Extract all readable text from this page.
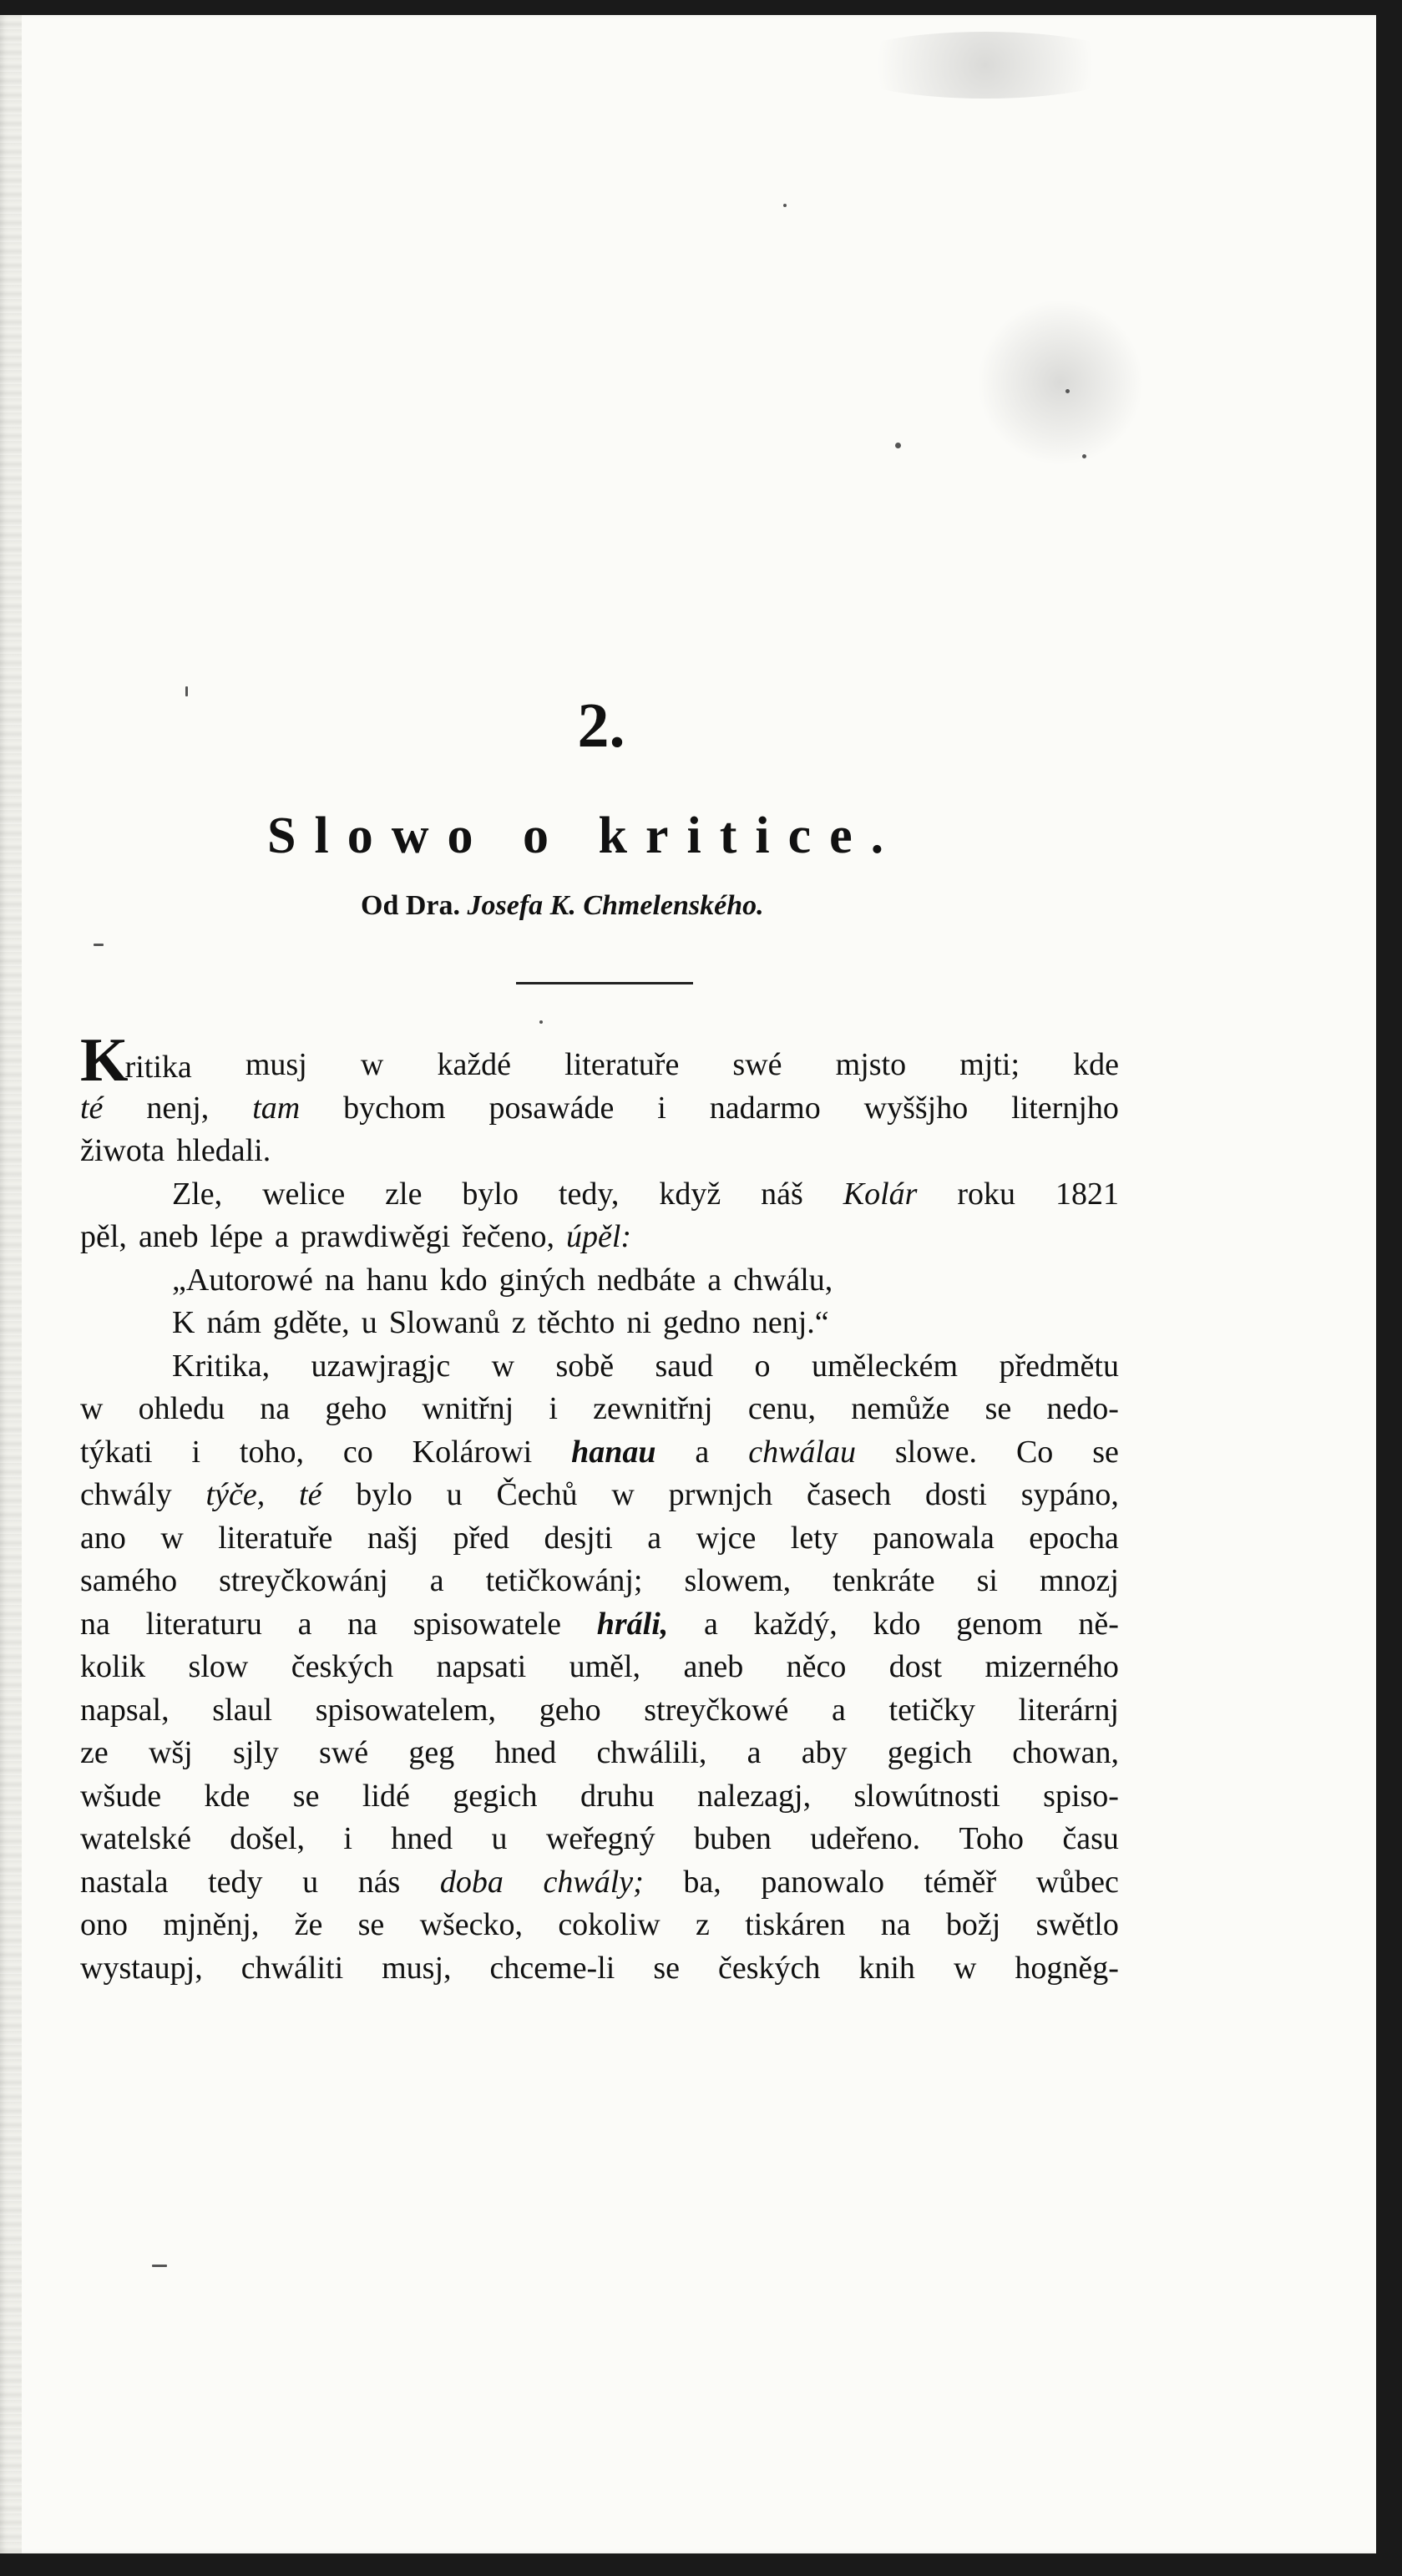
2.
Slowo o kritice.

Od Dra. Josefa K. Chmelenského.

Kritika musj w každé literatuře swé mjsto mjti; kde
té nenj, tam bychom posawáde i nadarmo wyššjho liternjho
žiwota hledali.
Zle, welice zle bylo tedy, když náš Kolár roku 1821
pěl, aneb lépe a prawdiwěgi řečeno, úpěl:
„Autorowé na hanu kdo giných nedbáte a chwálu,
K nám gděte, u Slowanů z těchto ni gedno nenj.“
Kritika, uzawjragjc w sobě saud o uměleckém předmětu
w ohledu na geho wnitřnj i zewnitřnj cenu, nemůže se nedo-
týkati i toho, co Kolárowi hanau a chwálau slowe. Co se
chwály týče, té bylo u Čechů w prwnjch časech dosti sypáno,
ano w literatuře našj před desjti a wjce lety panowala epocha
samého streyčkowánj a tetičkowánj; slowem, tenkráte si mnozj
na literaturu a na spisowatele hráli, a každý, kdo genom ně-
kolik slow českých napsati uměl, aneb něco dost mizerného
napsal, slaul spisowatelem, geho streyčkowé a tetičky literárnj
ze wšj sjly swé geg hned chwálili, a aby gegich chowan,
wšude kde se lidé gegich druhu nalezagj, slowútnosti spiso-
watelské došel, i hned u weřegný buben udeřeno. Toho času
nastala tedy u nás doba chwály; ba, panowalo téměř wůbec
ono mjněnj, že se wšecko, cokoliw z tiskáren na božj swětlo
wystaupj, chwáliti musj, chceme-li se českých knih w hogněg-
